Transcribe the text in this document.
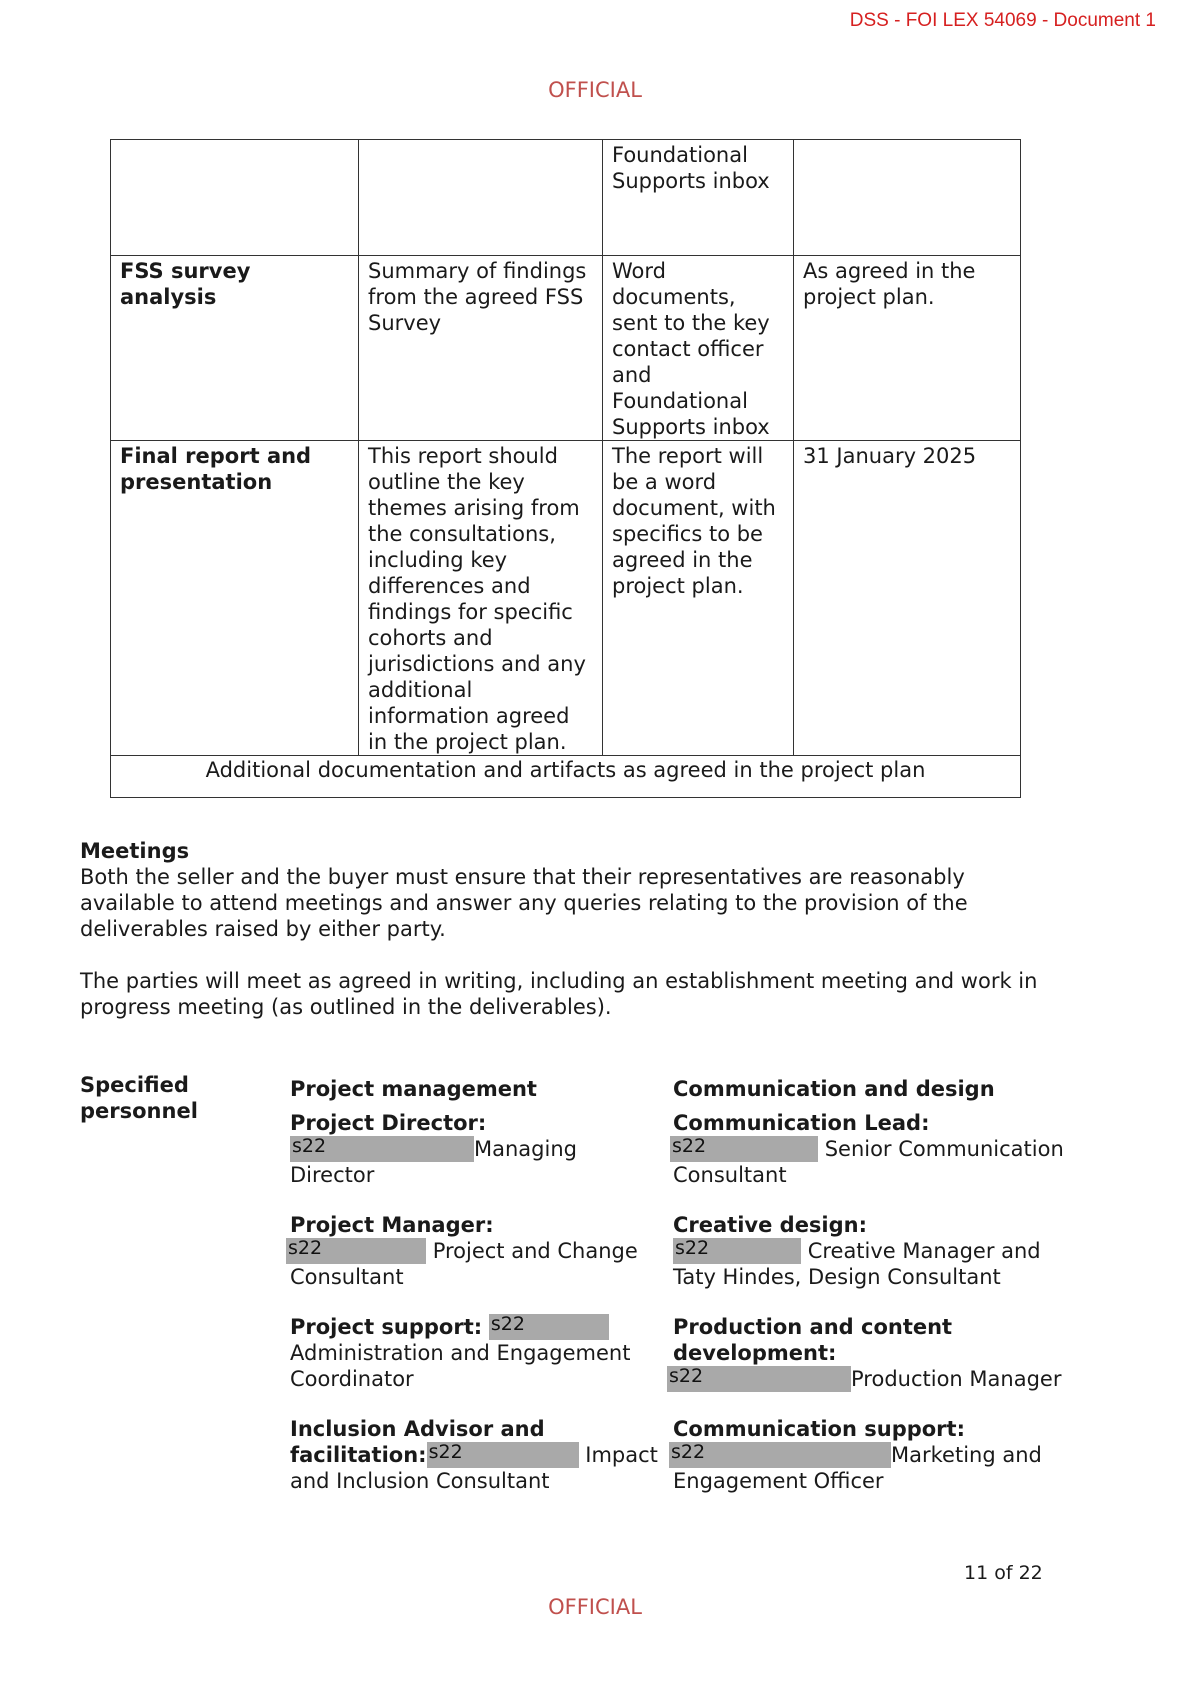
DSS - FOI LEX 54069 - Document 1
OFFICIAL
		Foundational Supports inbox	
FSS survey analysis	Summary of findings from the agreed FSS Survey	Word documents, sent to the key contact officer and Foundational Supports inbox	As agreed in the project plan.
Final report and presentation	This report should outline the key themes arising from the consultations, including key differences and findings for specific cohorts and jurisdictions and any additional information agreed in the project plan.	The report will be a word document, with specifics to be agreed in the project plan.	31 January 2025
Additional documentation and artifacts as agreed in the project plan			
Meetings
Both the seller and the buyer must ensure that their representatives are reasonably available to attend meetings and answer any queries relating to the provision of the deliverables raised by either party.
The parties will meet as agreed in writing, including an establishment meeting and work in progress meeting (as outlined in the deliverables).
Specified
personnel
Project management
Project Director:
s22	Managing
Director
Project Manager:
s22	Project and Change
Consultant
Project support: s22
Administration and Engagement Coordinator
Inclusion Advisor and
facilitation: s22	Impact
and Inclusion Consultant
Communication and design
Communication Lead:
s22	Senior Communication
Consultant
Creative design:
s22	Creative Manager and
Taty Hindes, Design Consultant
Production and content
development:
s22	Production Manager
Communication support:
s22	Marketing and
Engagement Officer
11 of 22
OFFICIAL
